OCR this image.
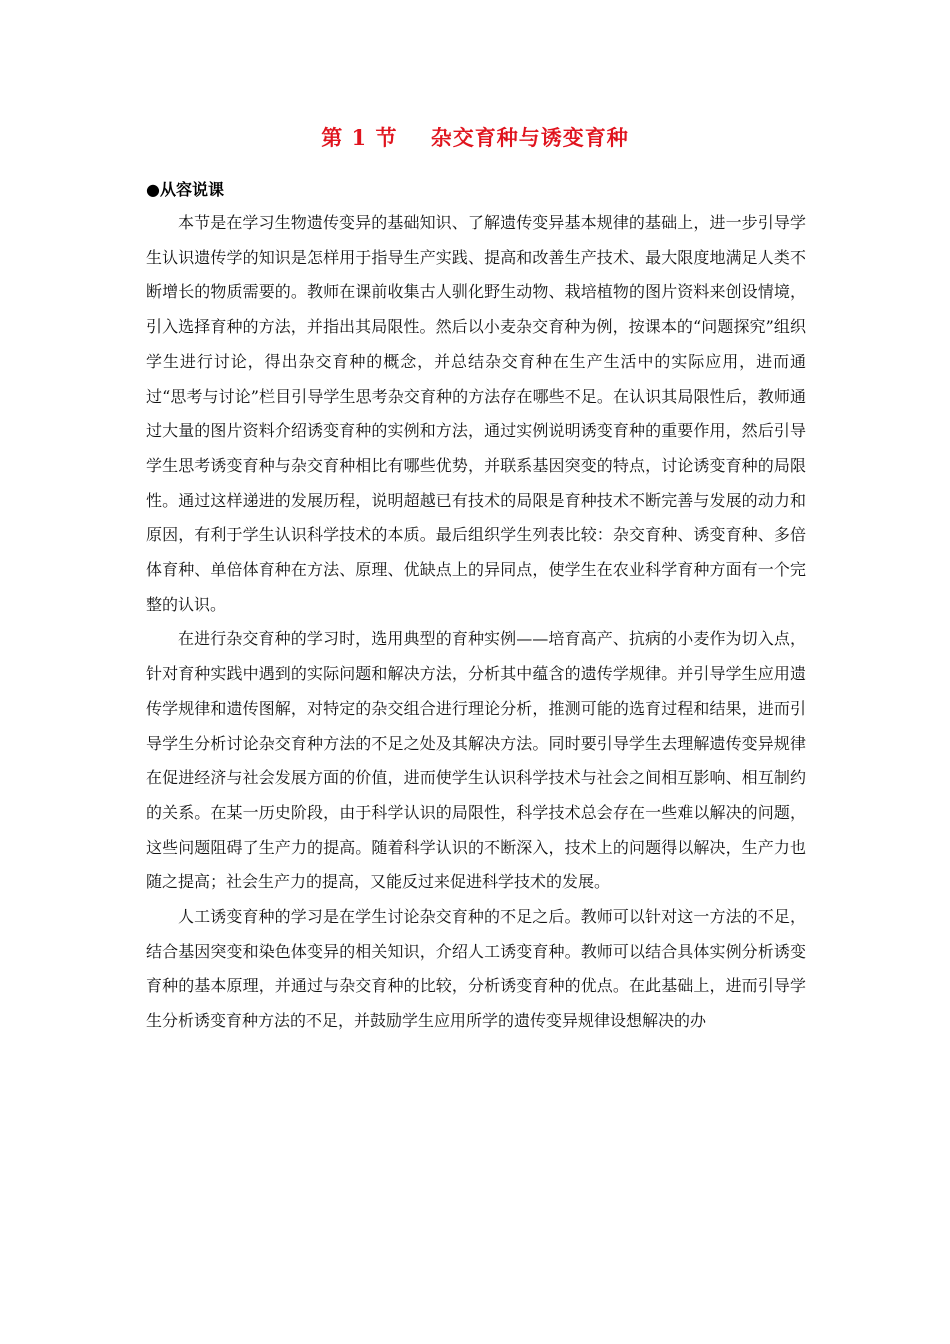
第 1 节    杂交育种与诱变育种
●从容说课

本节是在学习生物遗传变异的基础知识、了解遗传变异基本规律的基础上，进一步引导学生认识遗传学的知识是怎样用于指导生产实践、提高和改善生产技术、最大限度地满足人类不断增长的物质需要的。教师在课前收集古人驯化野生动物、栽培植物的图片资料来创设情境，引入选择育种的方法，并指出其局限性。然后以小麦杂交育种为例，按课本的“问题探究”组织学生进行讨论，得出杂交育种的概念，并总结杂交育种在生产生活中的实际应用，进而通过“思考与讨论”栏目引导学生思考杂交育种的方法存在哪些不足。在认识其局限性后，教师通过大量的图片资料介绍诱变育种的实例和方法，通过实例说明诱变育种的重要作用，然后引导学生思考诱变育种与杂交育种相比有哪些优势，并联系基因突变的特点，讨论诱变育种的局限性。通过这样递进的发展历程，说明超越已有技术的局限是育种技术不断完善与发展的动力和原因，有利于学生认识科学技术的本质。最后组织学生列表比较：杂交育种、诱变育种、多倍体育种、单倍体育种在方法、原理、优缺点上的异同点，使学生在农业科学育种方面有一个完整的认识。

在进行杂交育种的学习时，选用典型的育种实例——培育高产、抗病的小麦作为切入点，针对育种实践中遇到的实际问题和解决方法，分析其中蕴含的遗传学规律。并引导学生应用遗传学规律和遗传图解，对特定的杂交组合进行理论分析，推测可能的选育过程和结果，进而引导学生分析讨论杂交育种方法的不足之处及其解决方法。同时要引导学生去理解遗传变异规律在促进经济与社会发展方面的价值，进而使学生认识科学技术与社会之间相互影响、相互制约的关系。在某一历史阶段，由于科学认识的局限性，科学技术总会存在一些难以解决的问题，这些问题阻碍了生产力的提高。随着科学认识的不断深入，技术上的问题得以解决，生产力也随之提高；社会生产力的提高，又能反过来促进科学技术的发展。

人工诱变育种的学习是在学生讨论杂交育种的不足之后。教师可以针对这一方法的不足，结合基因突变和染色体变异的相关知识，介绍人工诱变育种。教师可以结合具体实例分析诱变育种的基本原理，并通过与杂交育种的比较，分析诱变育种的优点。在此基础上，进而引导学生分析诱变育种方法的不足，并鼓励学生应用所学的遗传变异规律设想解决的办
